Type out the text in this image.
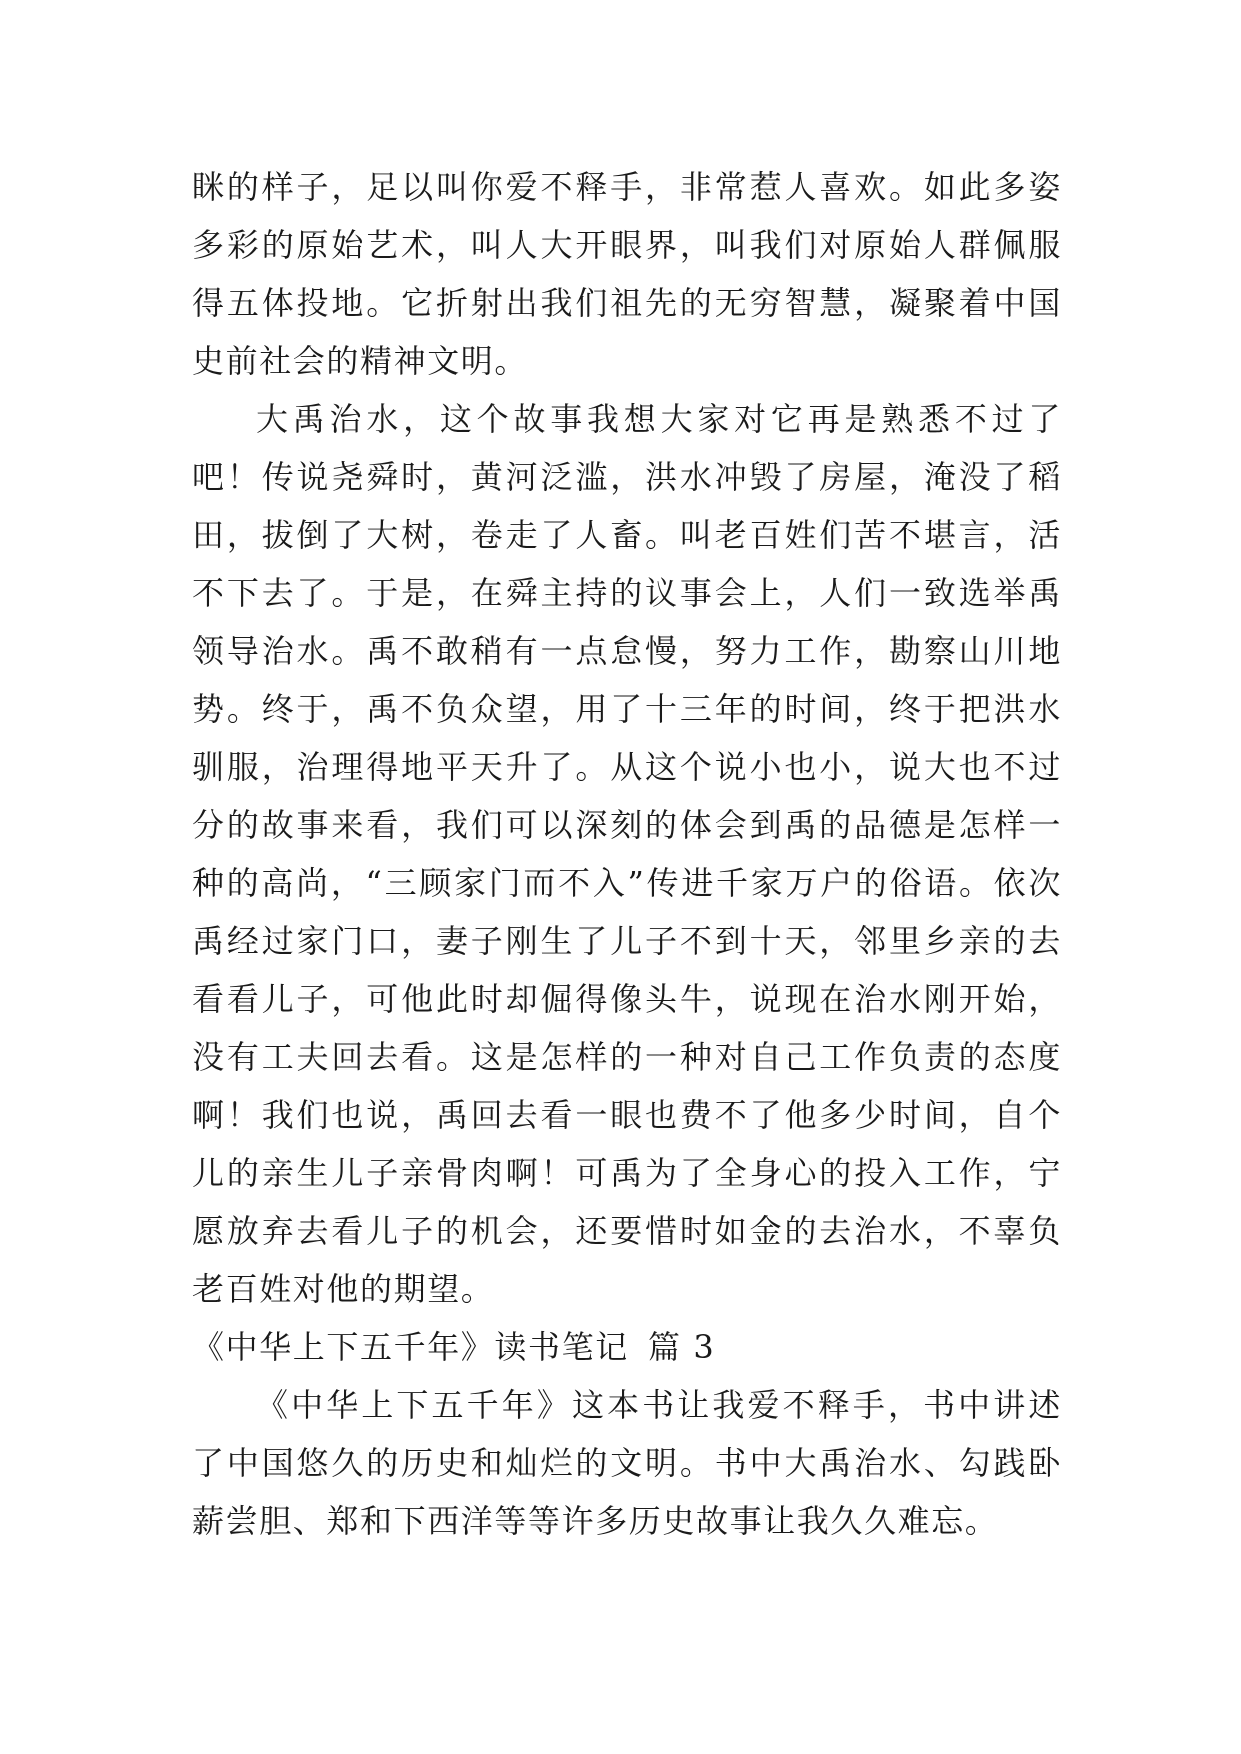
眯的样子，足以叫你爱不释手，非常惹人喜欢。如此多姿多彩的原始艺术，叫人大开眼界，叫我们对原始人群佩服得五体投地。它折射出我们祖先的无穷智慧，凝聚着中国史前社会的精神文明。

大禹治水，这个故事我想大家对它再是熟悉不过了吧！传说尧舜时，黄河泛滥，洪水冲毁了房屋，淹没了稻田，拔倒了大树，卷走了人畜。叫老百姓们苦不堪言，活不下去了。于是，在舜主持的议事会上，人们一致选举禹领导治水。禹不敢稍有一点怠慢，努力工作，勘察山川地势。终于，禹不负众望，用了十三年的时间，终于把洪水驯服，治理得地平天升了。从这个说小也小，说大也不过分的故事来看，我们可以深刻的体会到禹的品德是怎样一种的高尚，“三顾家门而不入”传进千家万户的俗语。依次禹经过家门口，妻子刚生了儿子不到十天，邻里乡亲的去看看儿子，可他此时却倔得像头牛，说现在治水刚开始，没有工夫回去看。这是怎样的一种对自己工作负责的态度啊！我们也说，禹回去看一眼也费不了他多少时间，自个儿的亲生儿子亲骨肉啊！可禹为了全身心的投入工作，宁愿放弃去看儿子的机会，还要惜时如金的去治水，不辜负老百姓对他的期望。

《中华上下五千年》读书笔记 篇 3

《中华上下五千年》这本书让我爱不释手，书中讲述了中国悠久的历史和灿烂的文明。书中大禹治水、勾践卧薪尝胆、郑和下西洋等等许多历史故事让我久久难忘。
